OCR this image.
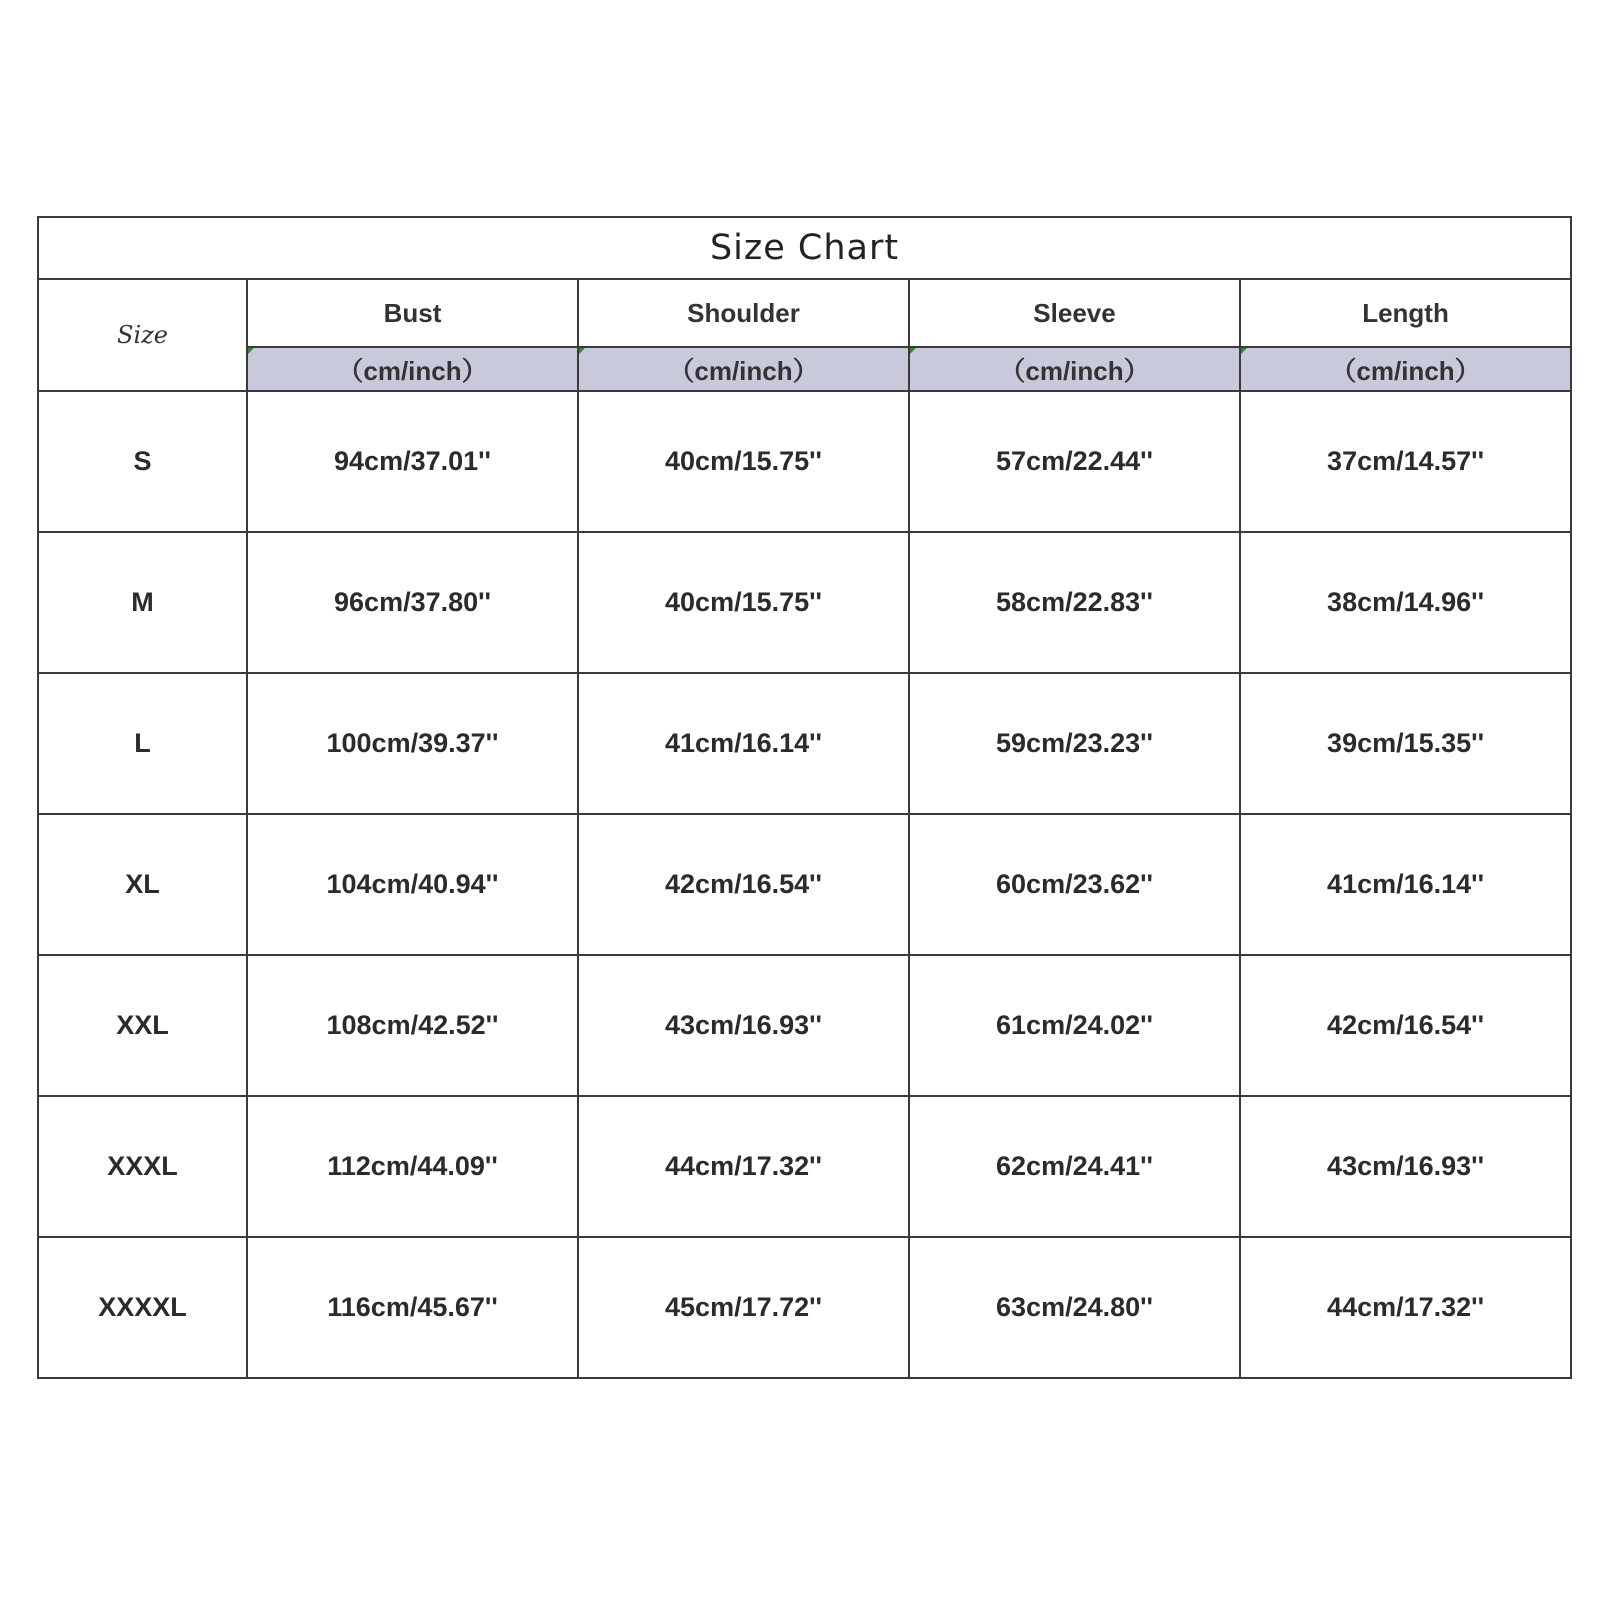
Size Chart				
Size	Bust	Shoulder	Sleeve	Length
	（cm/inch）	（cm/inch）	（cm/inch）	（cm/inch）
S	94cm/37.01''	40cm/15.75''	57cm/22.44''	37cm/14.57''
M	96cm/37.80''	40cm/15.75''	58cm/22.83''	38cm/14.96''
L	100cm/39.37''	41cm/16.14''	59cm/23.23''	39cm/15.35''
XL	104cm/40.94''	42cm/16.54''	60cm/23.62''	41cm/16.14''
XXL	108cm/42.52''	43cm/16.93''	61cm/24.02''	42cm/16.54''
XXXL	112cm/44.09''	44cm/17.32''	62cm/24.41''	43cm/16.93''
XXXXL	116cm/45.67''	45cm/17.72''	63cm/24.80''	44cm/17.32''
